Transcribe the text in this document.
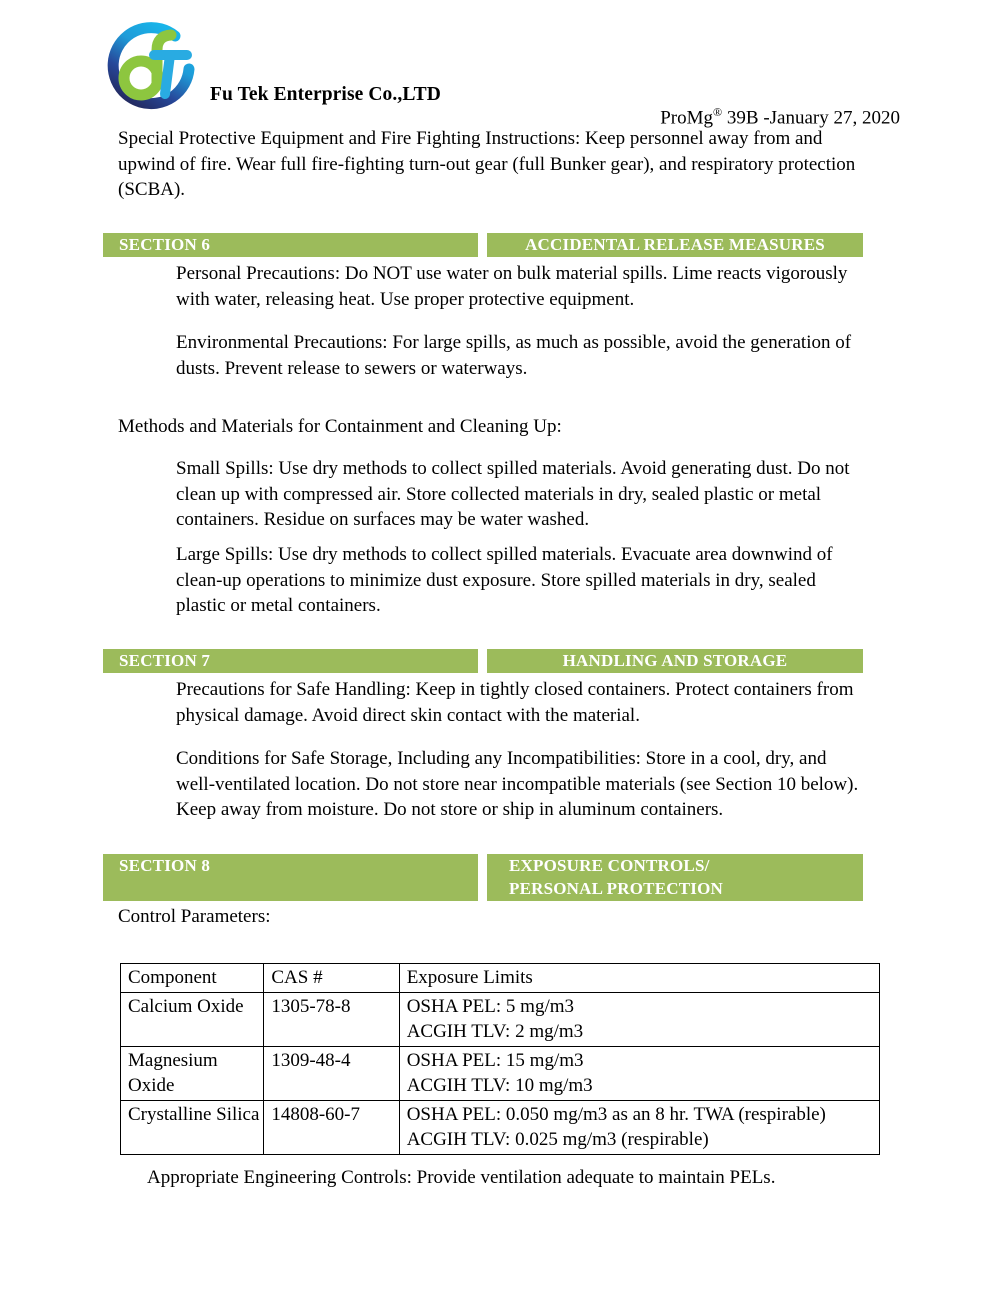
Fu Tek Enterprise Co.,LTD
ProMg® 39B -January 27, 2020
Special Protective Equipment and Fire Fighting Instructions: Keep personnel away from and upwind of fire. Wear full fire-fighting turn-out gear (full Bunker gear), and respiratory protection (SCBA).
SECTION 6	ACCIDENTAL RELEASE MEASURES
Personal Precautions: Do NOT use water on bulk material spills. Lime reacts vigorously with water, releasing heat. Use proper protective equipment.
Environmental Precautions: For large spills, as much as possible, avoid the generation of dusts. Prevent release to sewers or waterways.
Methods and Materials for Containment and Cleaning Up:
Small Spills: Use dry methods to collect spilled materials. Avoid generating dust. Do not clean up with compressed air. Store collected materials in dry, sealed plastic or metal containers. Residue on surfaces may be water washed.
Large Spills: Use dry methods to collect spilled materials. Evacuate area downwind of clean-up operations to minimize dust exposure. Store spilled materials in dry, sealed plastic or metal containers.
SECTION 7	HANDLING AND STORAGE
Precautions for Safe Handling: Keep in tightly closed containers. Protect containers from physical damage. Avoid direct skin contact with the material.
Conditions for Safe Storage, Including any Incompatibilities: Store in a cool, dry, and well-ventilated location. Do not store near incompatible materials (see Section 10 below). Keep away from moisture. Do not store or ship in aluminum containers.
SECTION 8	EXPOSURE CONTROLS/
PERSONAL PROTECTION
Control Parameters:
Component	CAS #	Exposure Limits
Calcium Oxide	1305-78-8	OSHA PEL: 5 mg/m3
ACGIH TLV: 2 mg/m3

Magnesium Oxide	1309-48-4	OSHA PEL: 15 mg/m3
ACGIH TLV: 10 mg/m3

Crystalline Silica	14808-60-7	OSHA PEL: 0.050 mg/m3 as an 8 hr. TWA (respirable)
ACGIH TLV: 0.025 mg/m3 (respirable)
Appropriate Engineering Controls: Provide ventilation adequate to maintain PELs.
